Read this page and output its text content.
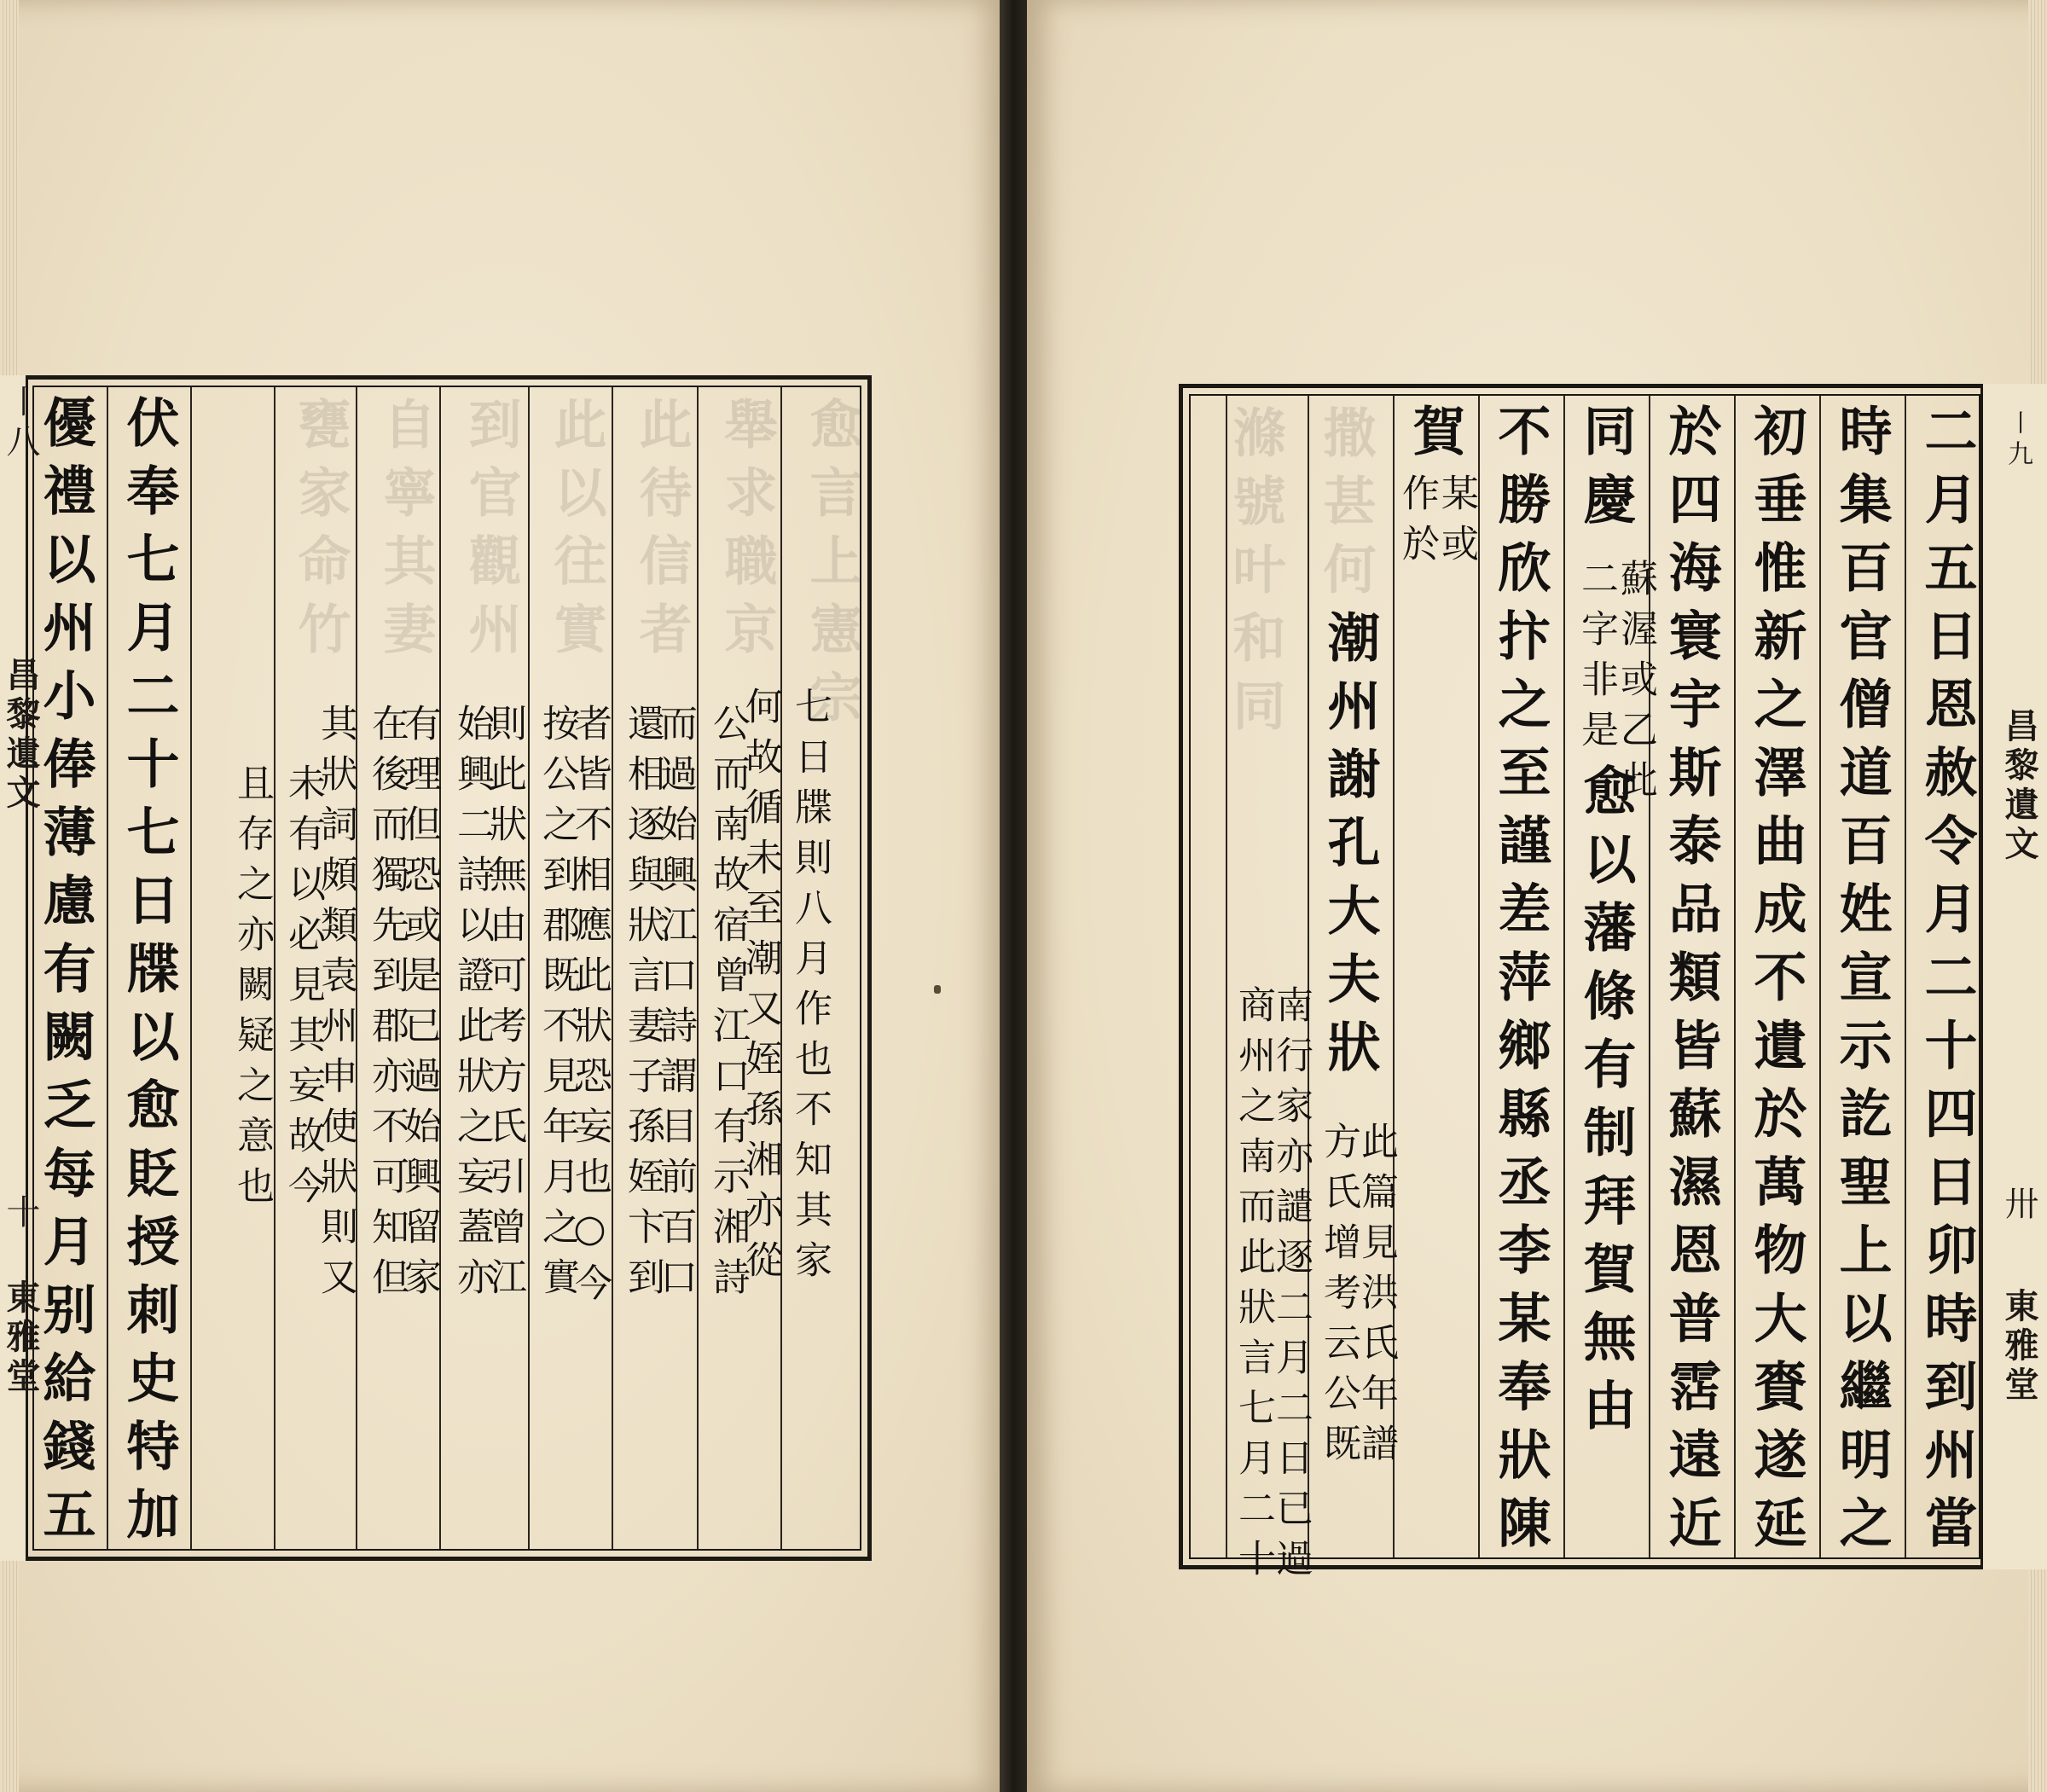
愈言上憲宗
舉求職京
此待信者
此以往實
到官觀州
自寧其妻
甕家命竹
七日牒則八月作也不知其家
何故循未至潮又姪孫湘亦從
公而南故宿曾江口有示湘詩
而過始興江口詩謂目前百口
還相逐與狀言妻子孫姪卞到
者皆不相應此狀恐妄也○今
按公之到郡既不見年月之實
則此狀無由可考方氏引曾江
始興二詩以證此狀之妄蓋亦
有理但恐或是已過始興留家
在後而獨先到郡亦不可知但
其狀詞頗類袁州申使狀則又
未有以必見其妄故今
且存之亦闕疑之意也
伏奉七月二十七日牒以愈貶授刺史特加
優禮以州小俸薄慮有闕乏每月别給錢五
〡八
昌黎遺文
十
東雅堂
撒甚何
滌號叶和同	二月五日恩赦令月二十四日卯時到州當
時集百官僧道百姓宣示訖聖上以繼明之
初垂惟新之澤曲成不遺於萬物大賚遂延
於四海寰宇斯泰品類皆蘇濕恩普霑遠近
同慶
蘇渥或乙此
二字非是
愈以藩條有制拜賀無由
不勝欣抃之至謹差萍鄉縣丞李某奉狀陳
賀
某或
作於
潮州謝孔大夫狀
此篇見洪氏年譜
方氏增考云公既
南行家亦譴逐二月二日已過
商州之南而此狀言七月二十
〡九
昌黎遺文
卅
東雅堂
